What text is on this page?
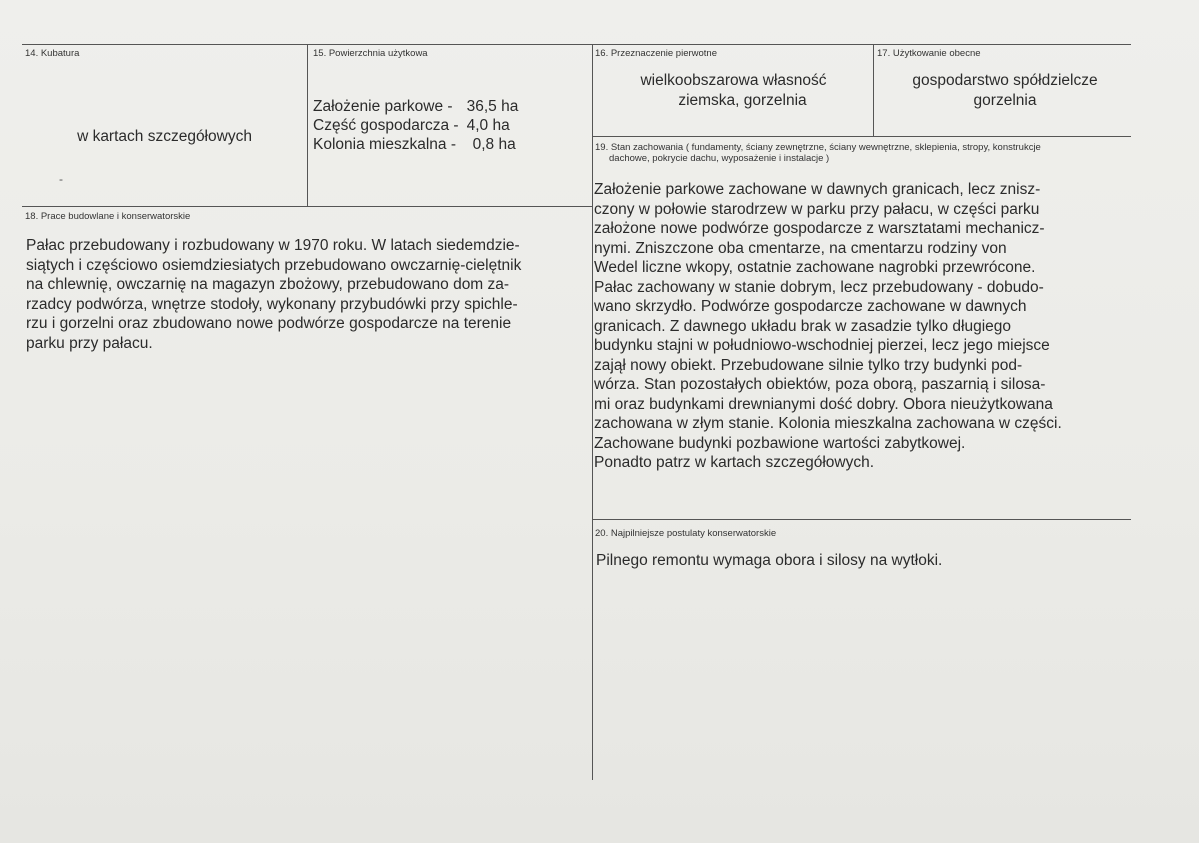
14. Kubatura
w kartach szczegółowych
-
15. Powierzchnia użytkowa
Założenie parkowe -	36,5 ha
Część gospodarcza -	4,0 ha
Kolonia mieszkalna -	0,8 ha
16. Przeznaczenie pierwotne
wielkoobszarowa własność
ziemska, gorzelnia
17. Użytkowanie obecne
gospodarstwo spółdzielcze
gorzelnia
19. Stan zachowania ( fundamenty, ściany zewnętrzne, ściany wewnętrzne, sklepienia, stropy, konstrukcje
dachowe, pokrycie dachu, wyposażenie i instalacje )
Założenie parkowe zachowane w dawnych granicach, lecz znisz-
czony w połowie starodrzew w parku przy pałacu, w części parku
założone nowe podwórze gospodarcze z warsztatami mechanicz-
nymi. Zniszczone oba cmentarze, na cmentarzu rodziny von
Wedel liczne wkopy, ostatnie zachowane nagrobki przewrócone.
Pałac zachowany w stanie dobrym, lecz przebudowany - dobudo-
wano skrzydło. Podwórze gospodarcze zachowane w dawnych
granicach. Z dawnego układu brak w zasadzie tylko długiego
budynku stajni w południowo-wschodniej pierzei, lecz jego miejsce
zajął nowy obiekt. Przebudowane silnie tylko trzy budynki pod-
wórza. Stan pozostałych obiektów, poza oborą, paszarnią i silosa-
mi oraz budynkami drewnianymi dość dobry. Obora nieużytkowana
zachowana w złym stanie. Kolonia mieszkalna zachowana w części.
Zachowane budynki pozbawione wartości zabytkowej.
Ponadto patrz w kartach szczegółowych.
18. Prace budowlane i konserwatorskie
Pałac przebudowany i rozbudowany w 1970 roku. W latach siedemdzie-
siątych i częściowo osiemdziesiatych przebudowano owczarnię-cielętnik
na chlewnię, owczarnię na magazyn zbożowy, przebudowano dom za-
rzadcy podwórza, wnętrze stodoły, wykonany przybudówki przy spichle-
rzu i gorzelni oraz zbudowano nowe podwórze gospodarcze na terenie
parku przy pałacu.
20. Najpilniejsze postulaty konserwatorskie
Pilnego remontu wymaga obora i silosy na wytłoki.
